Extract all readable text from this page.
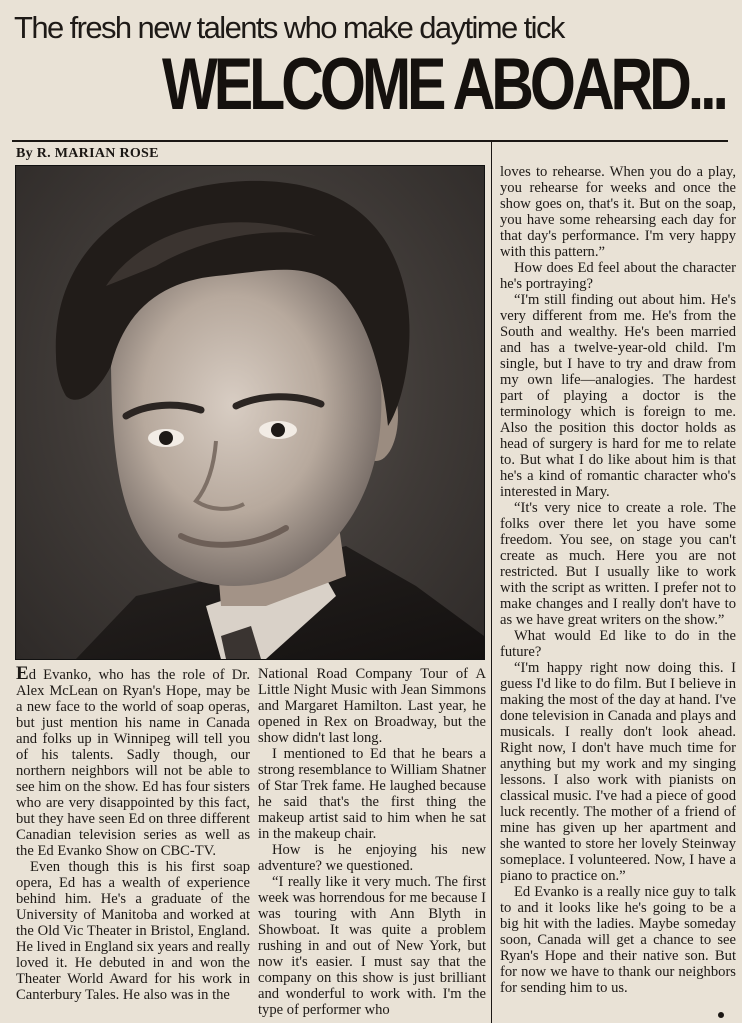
The fresh new talents who make daytime tick
WELCOME ABOARD...
By R. MARIAN ROSE

Ed Evanko, who has the role of Dr. Alex McLean on Ryan's Hope, may be a new face to the world of soap operas, but just mention his name in Canada and folks up in Winnipeg will tell you of his talents. Sadly though, our northern neighbors will not be able to see him on the show. Ed has four sisters who are very disappointed by this fact, but they have seen Ed on three different Canadian television series as well as the Ed Evanko Show on CBC-TV.

Even though this is his first soap opera, Ed has a wealth of experience behind him. He's a graduate of the University of Manitoba and worked at the Old Vic Theater in Bristol, England. He lived in England six years and really loved it. He debuted in and won the Theater World Award for his work in Canterbury Tales. He also was in the

National Road Company Tour of A Little Night Music with Jean Simmons and Margaret Hamilton. Last year, he opened in Rex on Broadway, but the show didn't last long.

I mentioned to Ed that he bears a strong resemblance to William Shatner of Star Trek fame. He laughed because he said that's the first thing the makeup artist said to him when he sat in the makeup chair.

How is he enjoying his new adventure? we questioned.

“I really like it very much. The first week was horrendous for me because I was touring with Ann Blyth in Showboat. It was quite a problem rushing in and out of New York, but now it's easier. I must say that the company on this show is just brilliant and wonderful to work with. I'm the type of performer who

loves to rehearse. When you do a play, you rehearse for weeks and once the show goes on, that's it. But on the soap, you have some rehearsing each day for that day's performance. I'm very happy with this pattern.”

How does Ed feel about the character he's portraying?

“I'm still finding out about him. He's very different from me. He's from the South and wealthy. He's been married and has a twelve-year-old child. I'm single, but I have to try and draw from my own life—analogies. The hardest part of playing a doctor is the terminology which is foreign to me. Also the position this doctor holds as head of surgery is hard for me to relate to. But what I do like about him is that he's a kind of romantic character who's interested in Mary.

“It's very nice to create a role. The folks over there let you have some freedom. You see, on stage you can't create as much. Here you are not restricted. But I usually like to work with the script as written. I prefer not to make changes and I really don't have to as we have great writers on the show.”

What would Ed like to do in the future?

“I'm happy right now doing this. I guess I'd like to do film. But I believe in making the most of the day at hand. I've done television in Canada and plays and musicals. I really don't look ahead. Right now, I don't have much time for anything but my work and my singing lessons. I also work with pianists on classical music. I've had a piece of good luck recently. The mother of a friend of mine has given up her apartment and she wanted to store her lovely Steinway someplace. I volunteered. Now, I have a piano to practice on.”

Ed Evanko is a really nice guy to talk to and it looks like he's going to be a big hit with the ladies. Maybe someday soon, Canada will get a chance to see Ryan's Hope and their native son. But for now we have to thank our neighbors for sending him to us.
